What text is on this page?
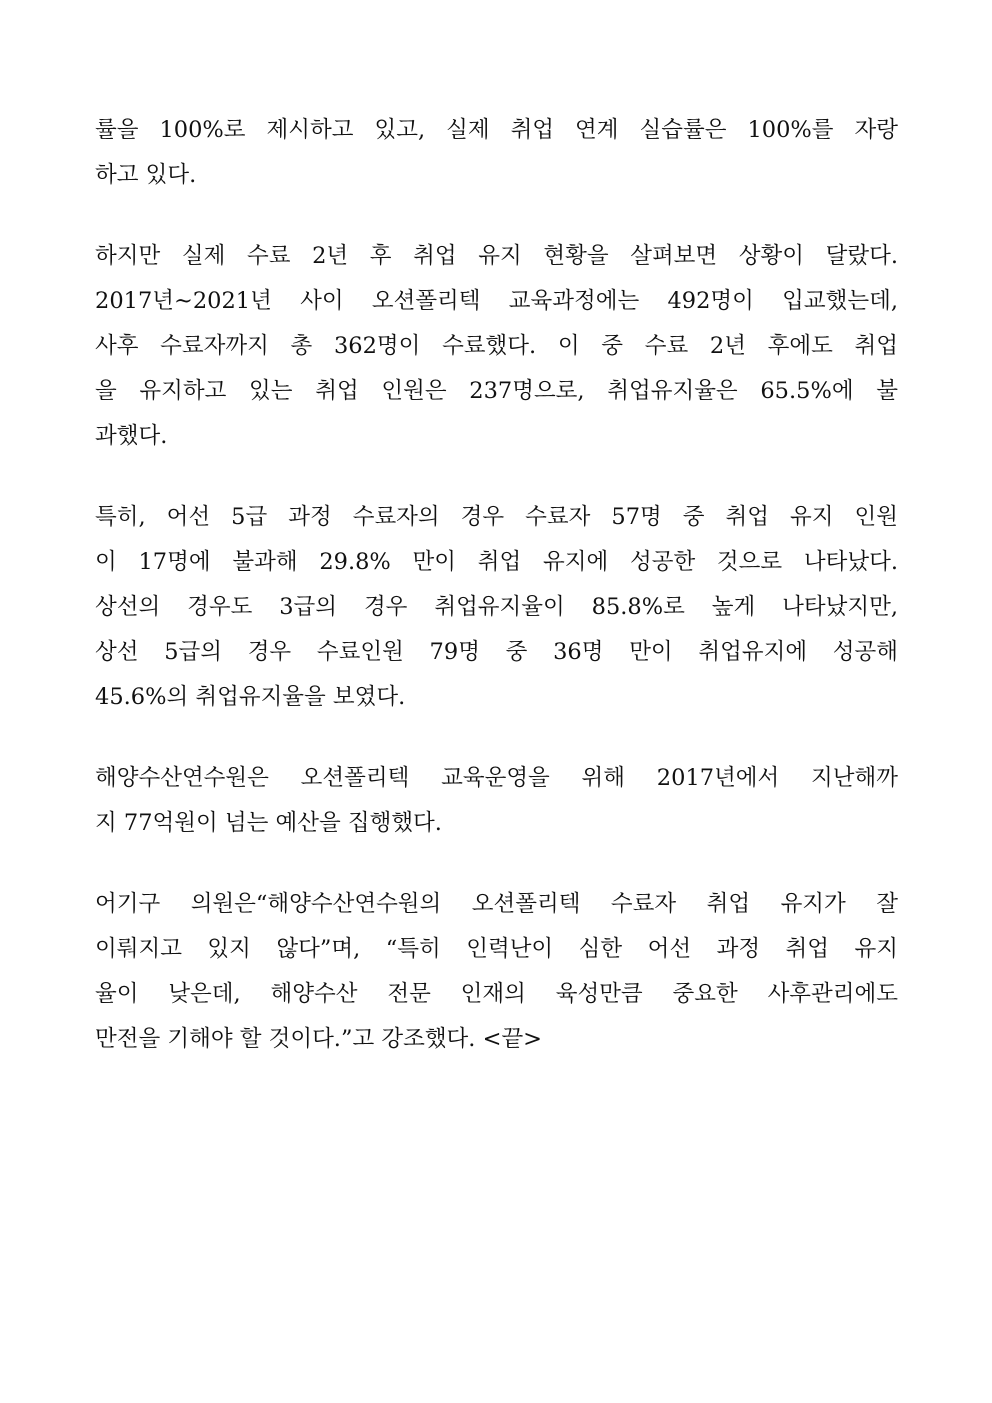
률을 100%로 제시하고 있고, 실제 취업 연계 실습률은 100%를 자랑
하고 있다.
하지만 실제 수료 2년 후 취업 유지 현황을 살펴보면 상황이 달랐다.
2017년~2021년 사이 오션폴리텍 교육과정에는 492명이 입교했는데,
사후 수료자까지 총 362명이 수료했다. 이 중 수료 2년 후에도 취업
을 유지하고 있는 취업 인원은 237명으로, 취업유지율은 65.5%에 불
과했다.
특히, 어선 5급 과정 수료자의 경우 수료자 57명 중 취업 유지 인원
이 17명에 불과해 29.8% 만이 취업 유지에 성공한 것으로 나타났다.
상선의 경우도 3급의 경우 취업유지율이 85.8%로 높게 나타났지만,
상선 5급의 경우 수료인원 79명 중 36명 만이 취업유지에 성공해
45.6%의 취업유지율을 보였다.
해양수산연수원은 오션폴리텍 교육운영을 위해 2017년에서 지난해까
지 77억원이 넘는 예산을 집행했다.
어기구 의원은“해양수산연수원의 오션폴리텍 수료자 취업 유지가 잘
이뤄지고 있지 않다”며, “특히 인력난이 심한 어선 과정 취업 유지
율이 낮은데, 해양수산 전문 인재의 육성만큼 중요한 사후관리에도
만전을 기해야 할 것이다.”고 강조했다. <끝>
